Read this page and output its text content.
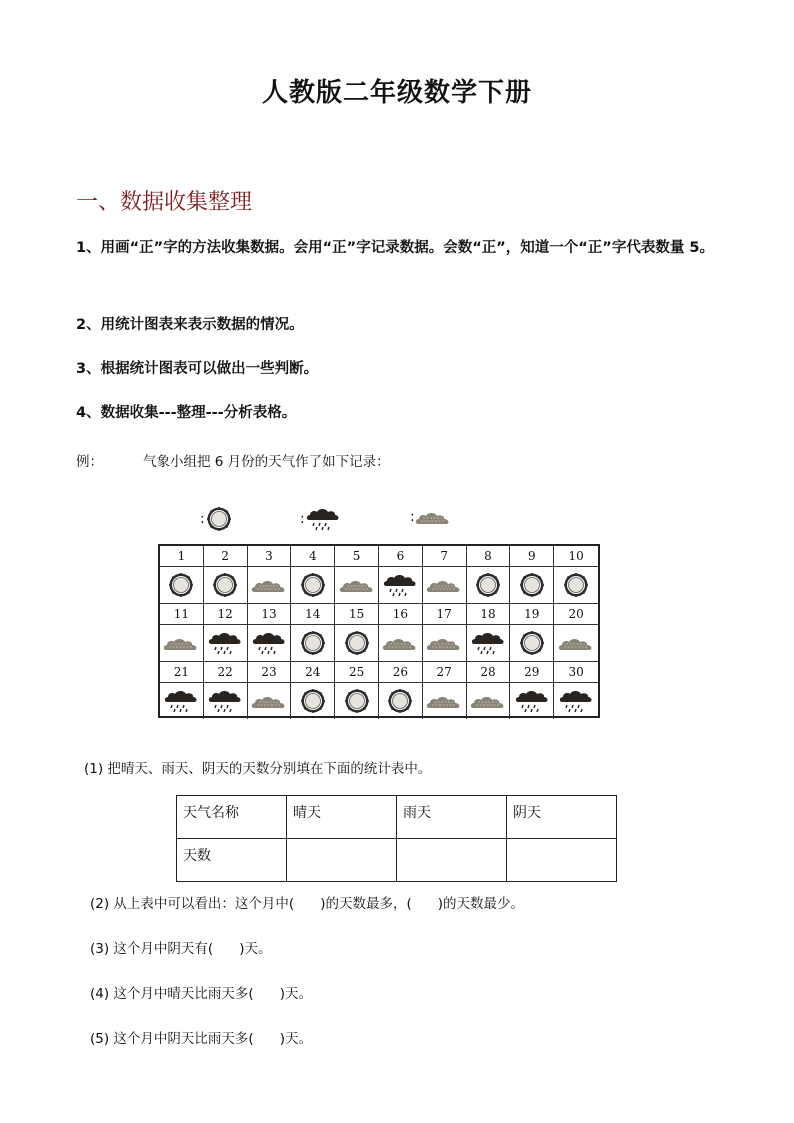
人教版二年级数学下册
一、数据收集整理
1、用画“正”字的方法收集数据。会用“正”字记录数据。会数“正”，知道一个“正”字代表数量 5。
2、用统计图表来表示数据的情况。
3、根据统计图表可以做出一些判断。
4、数据收集---整理---分析表格。
例：	气象小组把 6 月份的天气作了如下记录：
:	:	:
1	2	3	4	5	6	7	8	9	10
11	12	13	14	15	16	17	18	19	20
21	22	23	24	25	26	27	28	29	30
(1) 把晴天、雨天、阴天的天数分别填在下面的统计表中。
天气名称	晴天	雨天	阴天
天数			
(2) 从上表中可以看出：这个月中( )的天数最多，( )的天数最少。
(3) 这个月中阴天有( )天。
(4) 这个月中晴天比雨天多( )天。
(5) 这个月中阴天比雨天多( )天。
